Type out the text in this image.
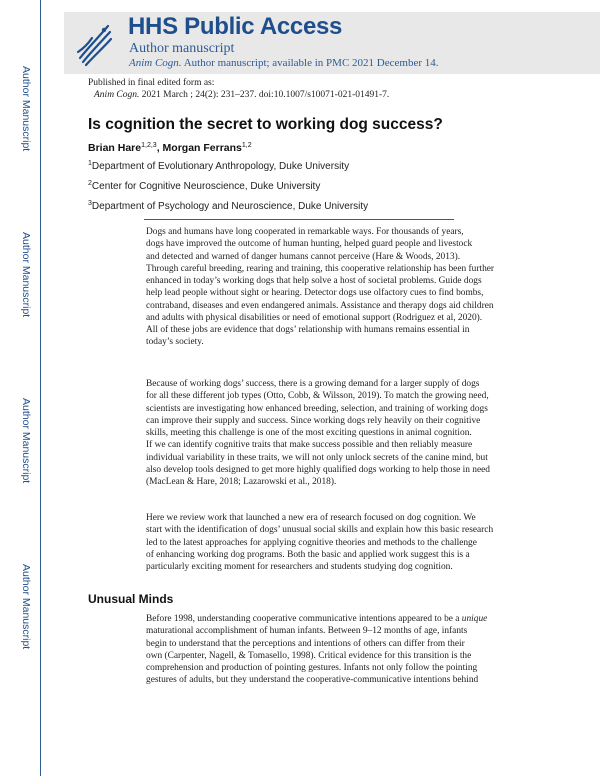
Author Manuscript
Author Manuscript
Author Manuscript
Author Manuscript
HHS Public Access
Author manuscript
Anim Cogn. Author manuscript; available in PMC 2021 December 14.
Published in final edited form as:
Anim Cogn. 2021 March ; 24(2): 231–237. doi:10.1007/s10071-021-01491-7.
Is cognition the secret to working dog success?
Brian Hare$^{1,2,3}$, Morgan Ferrans$^{1,2}$
$^1$Department of Evolutionary Anthropology, Duke University
$^2$Center for Cognitive Neuroscience, Duke University
$^3$Department of Psychology and Neuroscience, Duke University
Dogs and humans have long cooperated in remarkable ways. For thousands of years,
dogs have improved the outcome of human hunting, helped guard people and livestock
and detected and warned of danger humans cannot perceive (Hare & Woods, 2013).
Through careful breeding, rearing and training, this cooperative relationship has been further
enhanced in today’s working dogs that help solve a host of societal problems. Guide dogs
help lead people without sight or hearing. Detector dogs use olfactory cues to find bombs,
contraband, diseases and even endangered animals. Assistance and therapy dogs aid children
and adults with physical disabilities or need of emotional support (Rodriguez et al, 2020).
All of these jobs are evidence that dogs’ relationship with humans remains essential in
today’s society.
Because of working dogs’ success, there is a growing demand for a larger supply of dogs
for all these different job types (Otto, Cobb, & Wilsson, 2019). To match the growing need,
scientists are investigating how enhanced breeding, selection, and training of working dogs
can improve their supply and success. Since working dogs rely heavily on their cognitive
skills, meeting this challenge is one of the most exciting questions in animal cognition.
If we can identify cognitive traits that make success possible and then reliably measure
individual variability in these traits, we will not only unlock secrets of the canine mind, but
also develop tools designed to get more highly qualified dogs working to help those in need
(MacLean & Hare, 2018; Lazarowski et al., 2018).
Here we review work that launched a new era of research focused on dog cognition. We
start with the identification of dogs’ unusual social skills and explain how this basic research
led to the latest approaches for applying cognitive theories and methods to the challenge
of enhancing working dog programs. Both the basic and applied work suggest this is a
particularly exciting moment for researchers and students studying dog cognition.
Unusual Minds
Before 1998, understanding cooperative communicative intentions appeared to be a unique
maturational accomplishment of human infants. Between 9–12 months of age, infants
begin to understand that the perceptions and intentions of others can differ from their
own (Carpenter, Nagell, & Tomasello, 1998). Critical evidence for this transition is the
comprehension and production of pointing gestures. Infants not only follow the pointing
gestures of adults, but they understand the cooperative-communicative intentions behind
